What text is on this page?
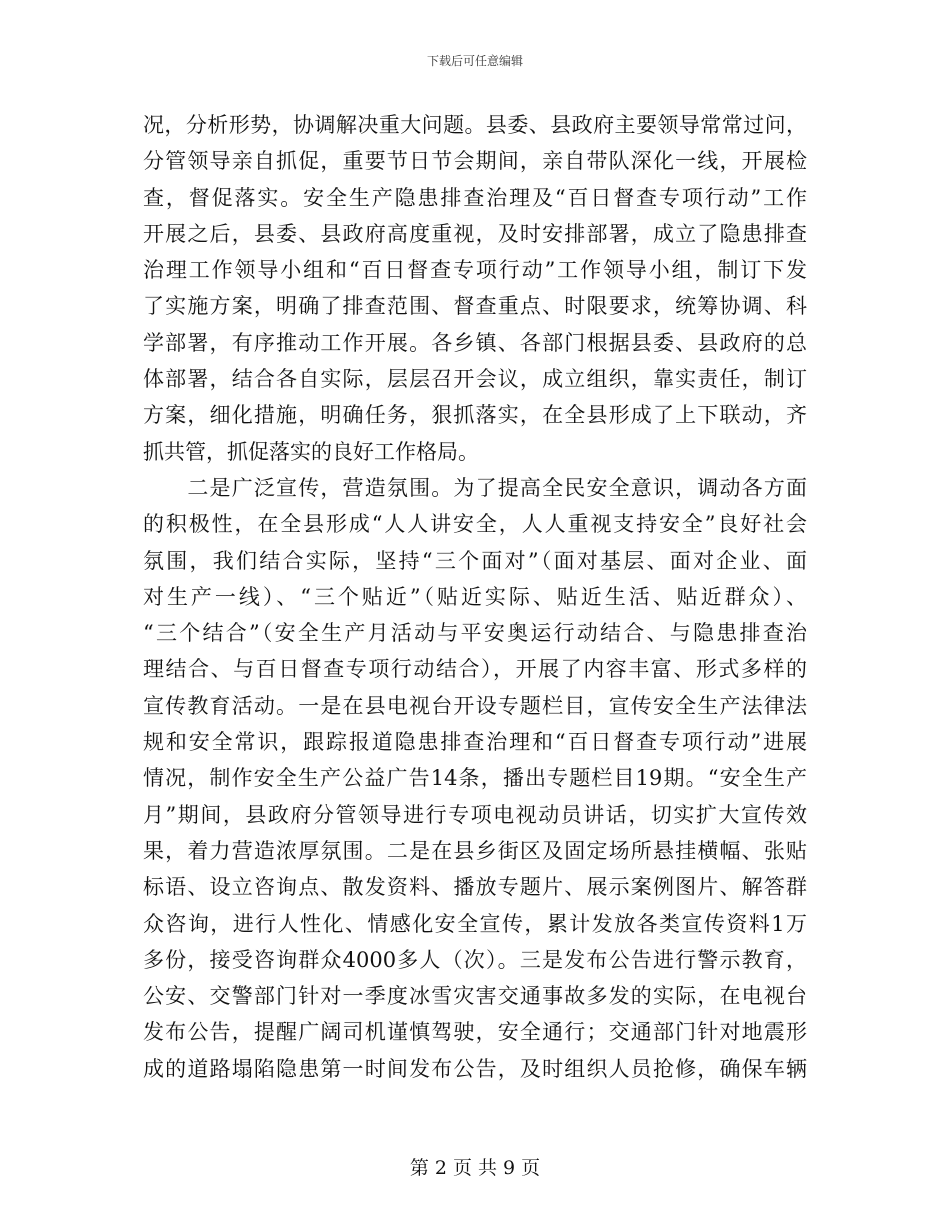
下载后可任意编辑
况，分析形势，协调解决重大问题。县委、县政府主要领导常常过问，
分管领导亲自抓促，重要节日节会期间，亲自带队深化一线，开展检
查，督促落实。安全生产隐患排查治理及“百日督查专项行动”工作
开展之后，县委、县政府高度重视，及时安排部署，成立了隐患排查
治理工作领导小组和“百日督查专项行动”工作领导小组，制订下发
了实施方案，明确了排查范围、督查重点、时限要求，统筹协调、科
学部署，有序推动工作开展。各乡镇、各部门根据县委、县政府的总
体部署，结合各自实际，层层召开会议，成立组织，靠实责任，制订
方案，细化措施，明确任务，狠抓落实，在全县形成了上下联动，齐
抓共管，抓促落实的良好工作格局。
　　二是广泛宣传，营造氛围。为了提高全民安全意识，调动各方面
的积极性，在全县形成“人人讲安全，人人重视支持安全”良好社会
氛围，我们结合实际，坚持“三个面对”（面对基层、面对企业、面
对生产一线）、“三个贴近”（贴近实际、贴近生活、贴近群众）、
“三个结合”（安全生产月活动与平安奥运行动结合、与隐患排查治
理结合、与百日督查专项行动结合），开展了内容丰富、形式多样的
宣传教育活动。一是在县电视台开设专题栏目，宣传安全生产法律法
规和安全常识，跟踪报道隐患排查治理和“百日督查专项行动”进展
情况，制作安全生产公益广告14条，播出专题栏目19期。“安全生产
月”期间，县政府分管领导进行专项电视动员讲话，切实扩大宣传效
果，着力营造浓厚氛围。二是在县乡街区及固定场所悬挂横幅、张贴
标语、设立咨询点、散发资料、播放专题片、展示案例图片、解答群
众咨询，进行人性化、情感化安全宣传，累计发放各类宣传资料1万
多份，接受咨询群众4000多人（次）。三是发布公告进行警示教育，
公安、交警部门针对一季度冰雪灾害交通事故多发的实际，在电视台
发布公告，提醒广阔司机谨慎驾驶，安全通行；交通部门针对地震形
成的道路塌陷隐患第一时间发布公告，及时组织人员抢修，确保车辆
第 2 页 共 9 页
